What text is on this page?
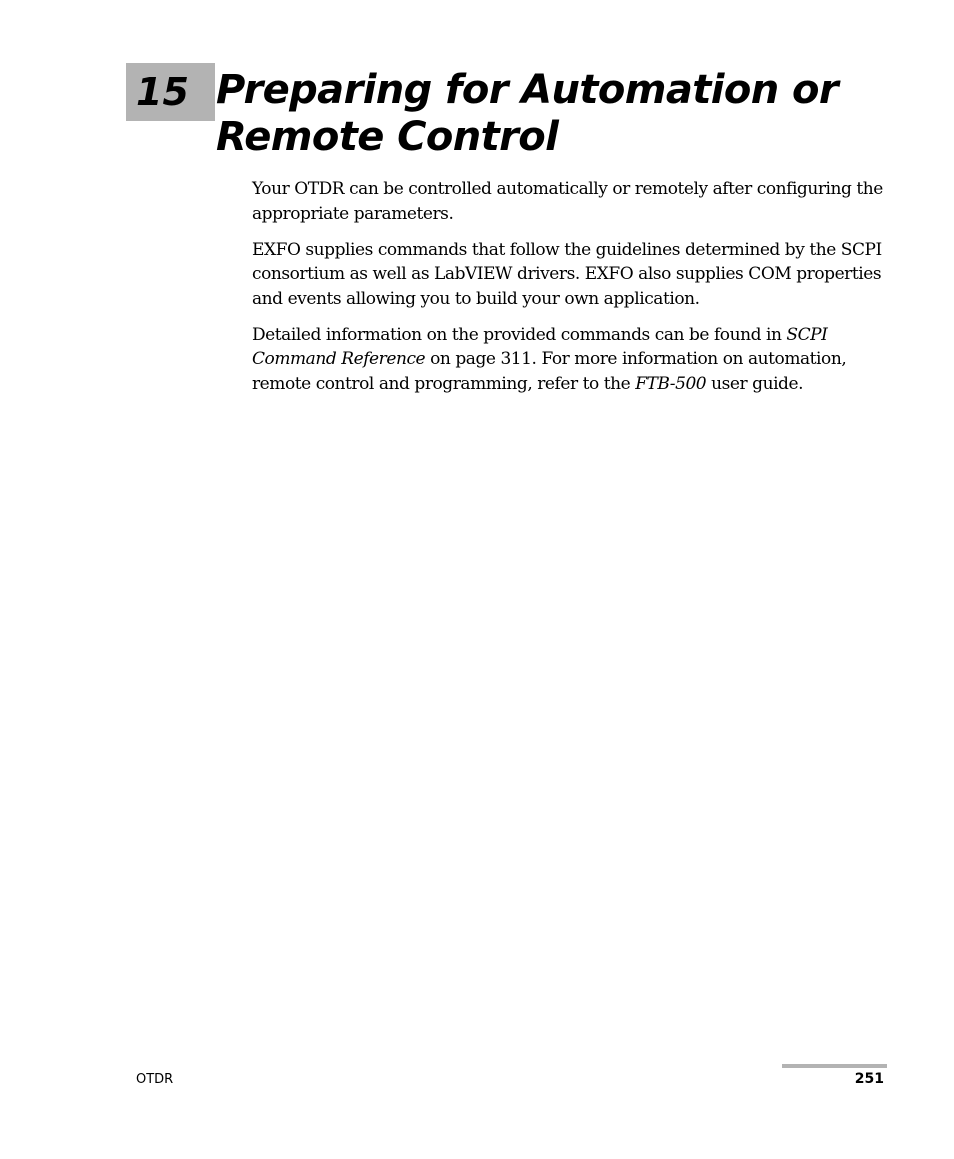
15 Preparing for Automation or
Remote Control

Your OTDR can be controlled automatically or remotely after configuring the appropriate parameters.

EXFO supplies commands that follow the guidelines determined by the SCPI consortium as well as LabVIEW drivers. EXFO also supplies COM properties and events allowing you to build your own application.

Detailed information on the provided commands can be found in SCPI Command Reference on page 311. For more information on automation, remote control and programming, refer to the FTB-500 user guide.

OTDR	251
